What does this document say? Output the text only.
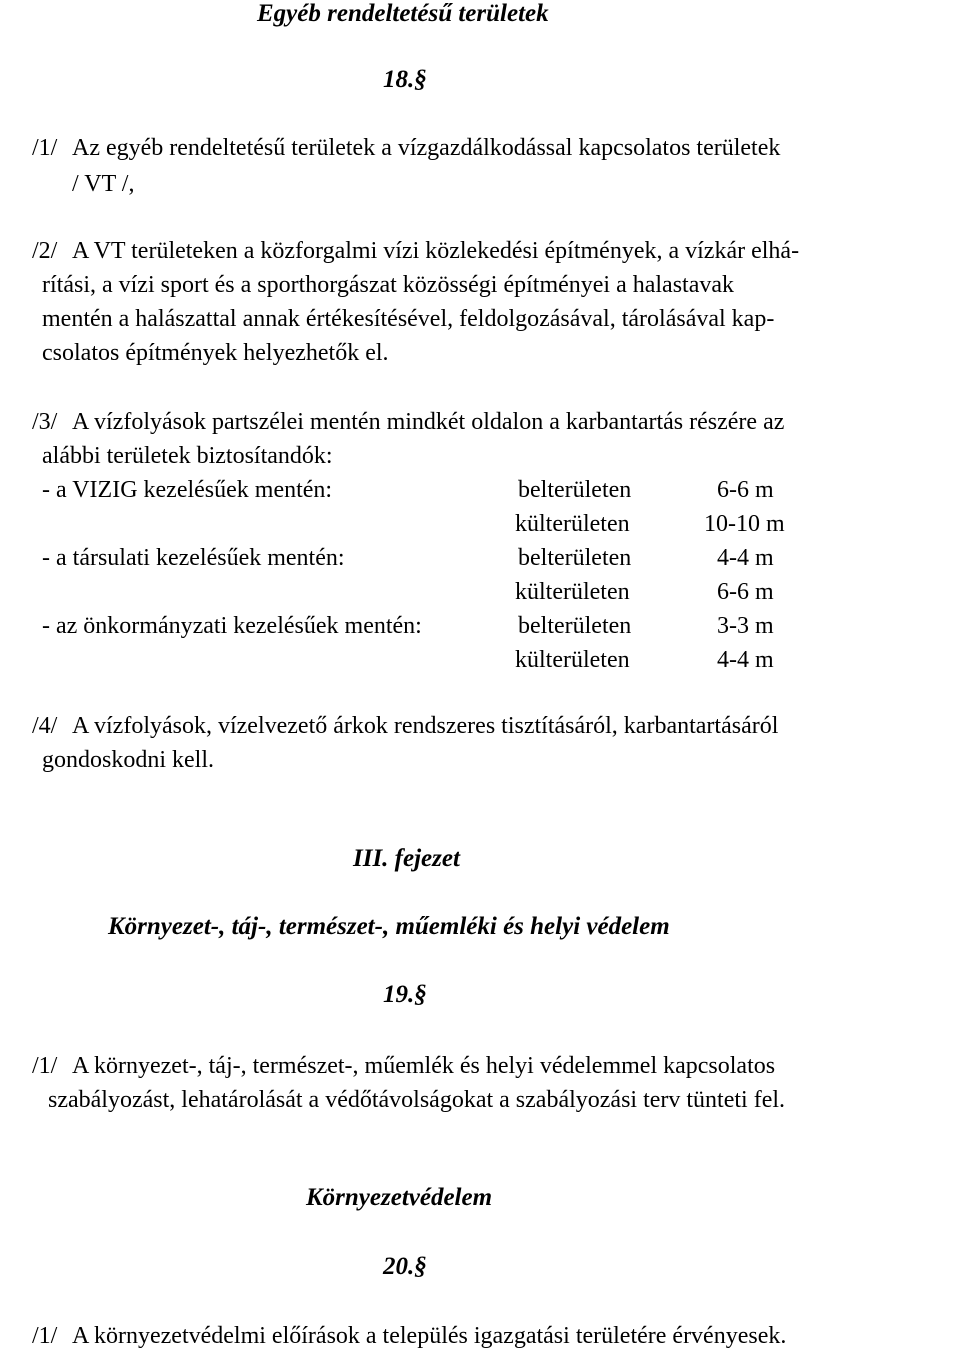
Egyéb rendeltetésű területek
18.§
/1/ Az egyéb rendeltetésű területek a vízgazdálkodással kapcsolatos területek
/ VT /,
/2/ A VT területeken a közforgalmi vízi közlekedési építmények, a vízkár elhá-
rítási, a vízi sport és a sporthorgászat közösségi építményei a halastavak
mentén a halászattal annak értékesítésével, feldolgozásával, tárolásával kap-
csolatos építmények helyezhetők el.
/3/ A vízfolyások partszélei mentén mindkét oldalon a karbantartás részére az
alábbi területek biztosítandók:
- a VIZIG kezelésűek mentén:	belterületen	6-6 m
külterületen	10-10 m
- a társulati kezelésűek mentén:	belterületen	4-4 m
külterületen	6-6 m
- az önkormányzati kezelésűek mentén:	belterületen	3-3 m
külterületen	4-4 m
/4/ A vízfolyások, vízelvezető árkok rendszeres tisztításáról, karbantartásáról
gondoskodni kell.
III. fejezet
Környezet-, táj-, természet-, műemléki és helyi védelem
19.§
/1/ A környezet-, táj-, természet-, műemlék és helyi védelemmel kapcsolatos
szabályozást, lehatárolását a védőtávolságokat a szabályozási terv tünteti fel.
Környezetvédelem
20.§
/1/ A környezetvédelmi előírások a település igazgatási területére érvényesek.
